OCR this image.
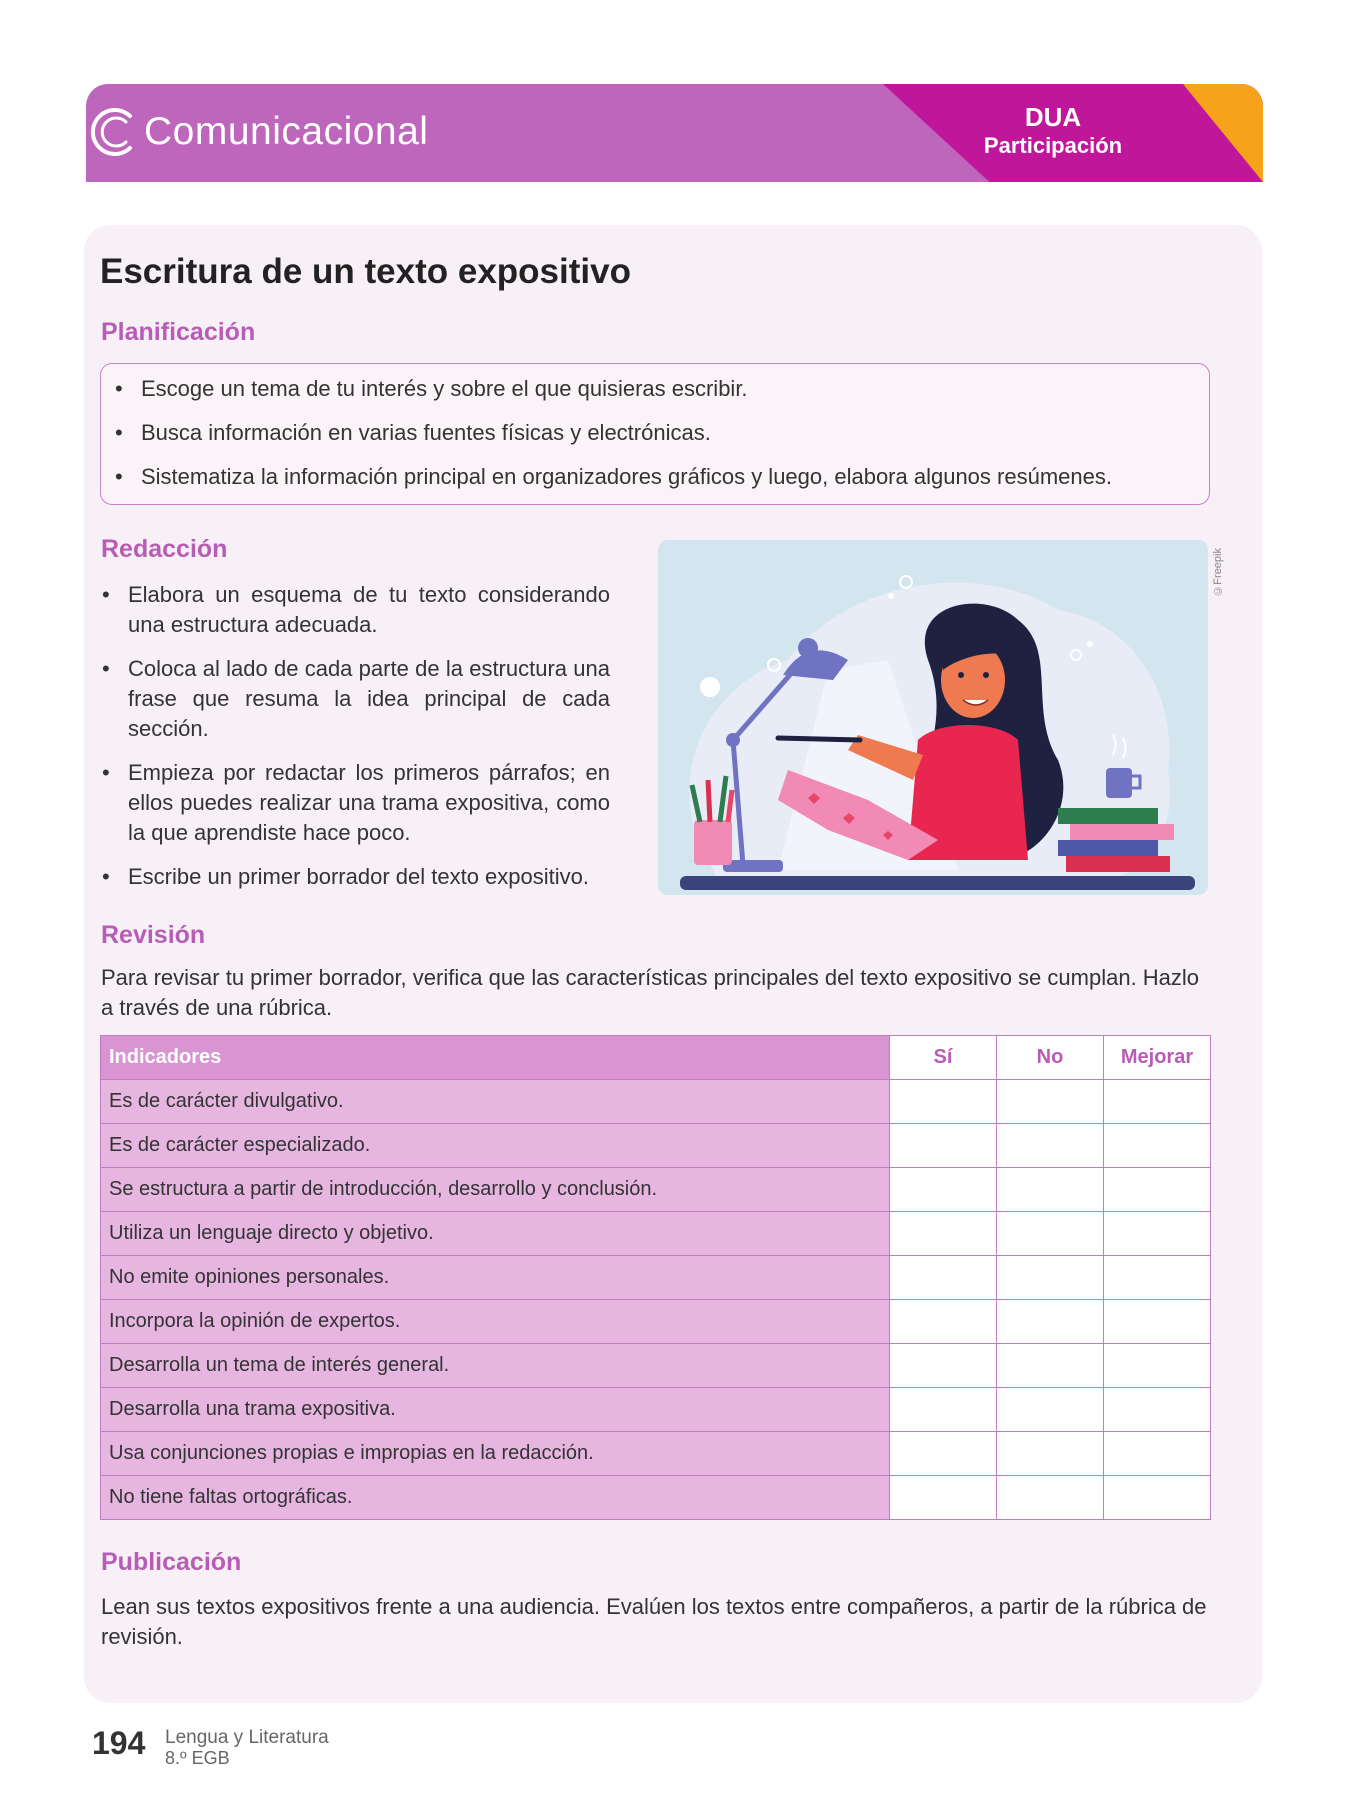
Comunicacional	DUA
Participación
Escritura de un texto expositivo
Planificación
• Escoge un tema de tu interés y sobre el que quisieras escribir.
• Busca información en varias fuentes físicas y electrónicas.
• Sistematiza la información principal en organizadores gráficos y luego, elabora algunos resúmenes.
Redacción
• Elabora un esquema de tu texto considerando una estructura adecuada.
• Coloca al lado de cada parte de la estructura una frase que resuma la idea principal de cada sección.
• Empieza por redactar los primeros párrafos; en ellos puedes realizar una trama expositiva, como la que aprendiste hace poco.
• Escribe un primer borrador del texto expositivo.
©Freepik
Revisión
Para revisar tu primer borrador, verifica que las características principales del texto expositivo se cumplan. Hazlo a través de una rúbrica.
Indicadores	Sí	No	Mejorar
Es de carácter divulgativo.			
Es de carácter especializado.			
Se estructura a partir de introducción, desarrollo y conclusión.			
Utiliza un lenguaje directo y objetivo.			
No emite opiniones personales.			
Incorpora la opinión de expertos.			
Desarrolla un tema de interés general.			
Desarrolla una trama expositiva.			
Usa conjunciones propias e impropias en la redacción.			
No tiene faltas ortográficas.			
Publicación
Lean sus textos expositivos frente a una audiencia. Evalúen los textos entre compañeros, a partir de la rúbrica de revisión.
194 Lengua y Literatura
8.º EGB
